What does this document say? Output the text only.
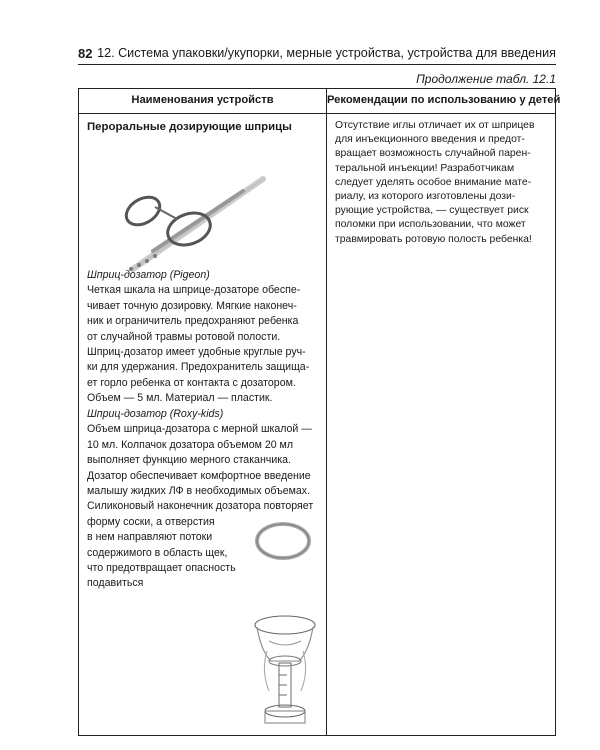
82 12. Система упаковки/укупорки, мерные устройства, устройства для введения
Продолжение табл. 12.1
Наименования устройств	Рекомендации по использованию у детей

Пероральные дозирующие шприцы

Шприц-дозатор (Pigeon)
Четкая шкала на шприце-дозаторе обеспе-
чивает точную дозировку. Мягкие наконеч-
ник и ограничитель предохраняют ребенка
от случайной травмы ротовой полости.
Шприц-дозатор имеет удобные круглые руч-
ки для удержания. Предохранитель защища-
ет горло ребенка от контакта с дозатором.
Объем — 5 мл. Материал — пластик.
Шприц-дозатор (Roxy-kids)
Объем шприца-дозатора с мерной шкалой —
10 мл. Колпачок дозатора объемом 20 мл
выполняет функцию мерного стаканчика.
Дозатор обеспечивает комфортное введение
малышу жидких ЛФ в необходимых объемах.
Силиконовый наконечник дозатора повторяет
форму соски, а отверстия
в нем направляют потоки
содержимого в область щек,
что предотвращает опасность
подавиться
Отсутствие иглы отличает их от шприцев
для инъекционного введения и предот-
вращает возможность случайной парен-
теральной инъекции! Разработчикам
следует уделять особое внимание мате-
риалу, из которого изготовлены дози-
рующие устройства, — существует риск
поломки при использовании, что может
травмировать ротовую полость ребенка!
